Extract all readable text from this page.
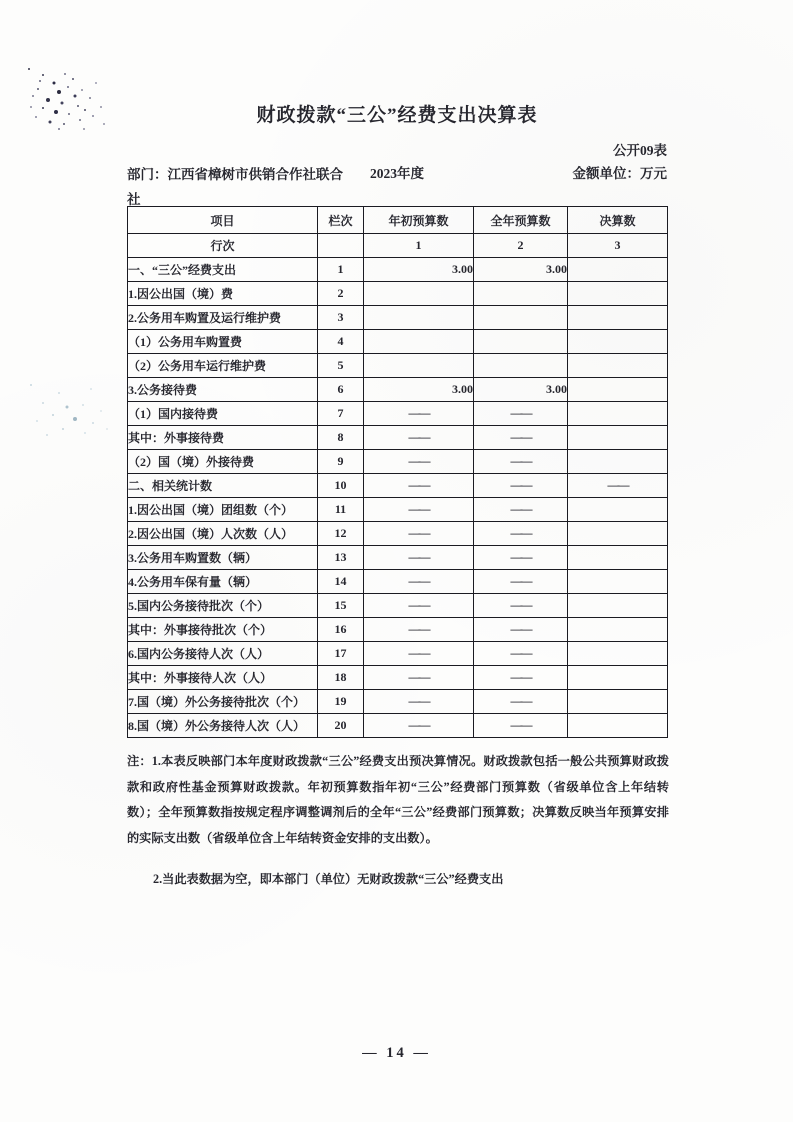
财政拨款“三公”经费支出决算表
公开09表
部门：江西省樟树市供销合作社联合社
2023年度	金额单位：万元
项目	栏次	年初预算数	全年预算数	决算数
行次		1	2	3
一、“三公”经费支出	1	3.00	3.00	
1.因公出国（境）费	2			
2.公务用车购置及运行维护费	3			
（1）公务用车购置费	4			
（2）公务用车运行维护费	5			
3.公务接待费	6	3.00	3.00	
（1）国内接待费	7	——	——	
其中：外事接待费	8	——	——	
（2）国（境）外接待费	9	——	——	
二、相关统计数	10	——	——	——
1.因公出国（境）团组数（个）	11	——	——	
2.因公出国（境）人次数（人）	12	——	——	
3.公务用车购置数（辆）	13	——	——	
4.公务用车保有量（辆）	14	——	——	
5.国内公务接待批次（个）	15	——	——	
其中：外事接待批次（个）	16	——	——	
6.国内公务接待人次（人）	17	——	——	
其中：外事接待人次（人）	18	——	——	
7.国（境）外公务接待批次（个）	19	——	——	
8.国（境）外公务接待人次（人）	20	——	——	

注：1.本表反映部门本年度财政拨款“三公”经费支出预决算情况。财政拨款包括一般公共预算财政拨款和政府性基金预算财政拨款。年初预算数指年初“三公”经费部门预算数（省级单位含上年结转数）；全年预算数指按规定程序调整调剂后的全年“三公”经费部门预算数；决算数反映当年预算安排的实际支出数（省级单位含上年结转资金安排的支出数）。

2.当此表数据为空，即本部门（单位）无财政拨款“三公”经费支出

— 14 —
